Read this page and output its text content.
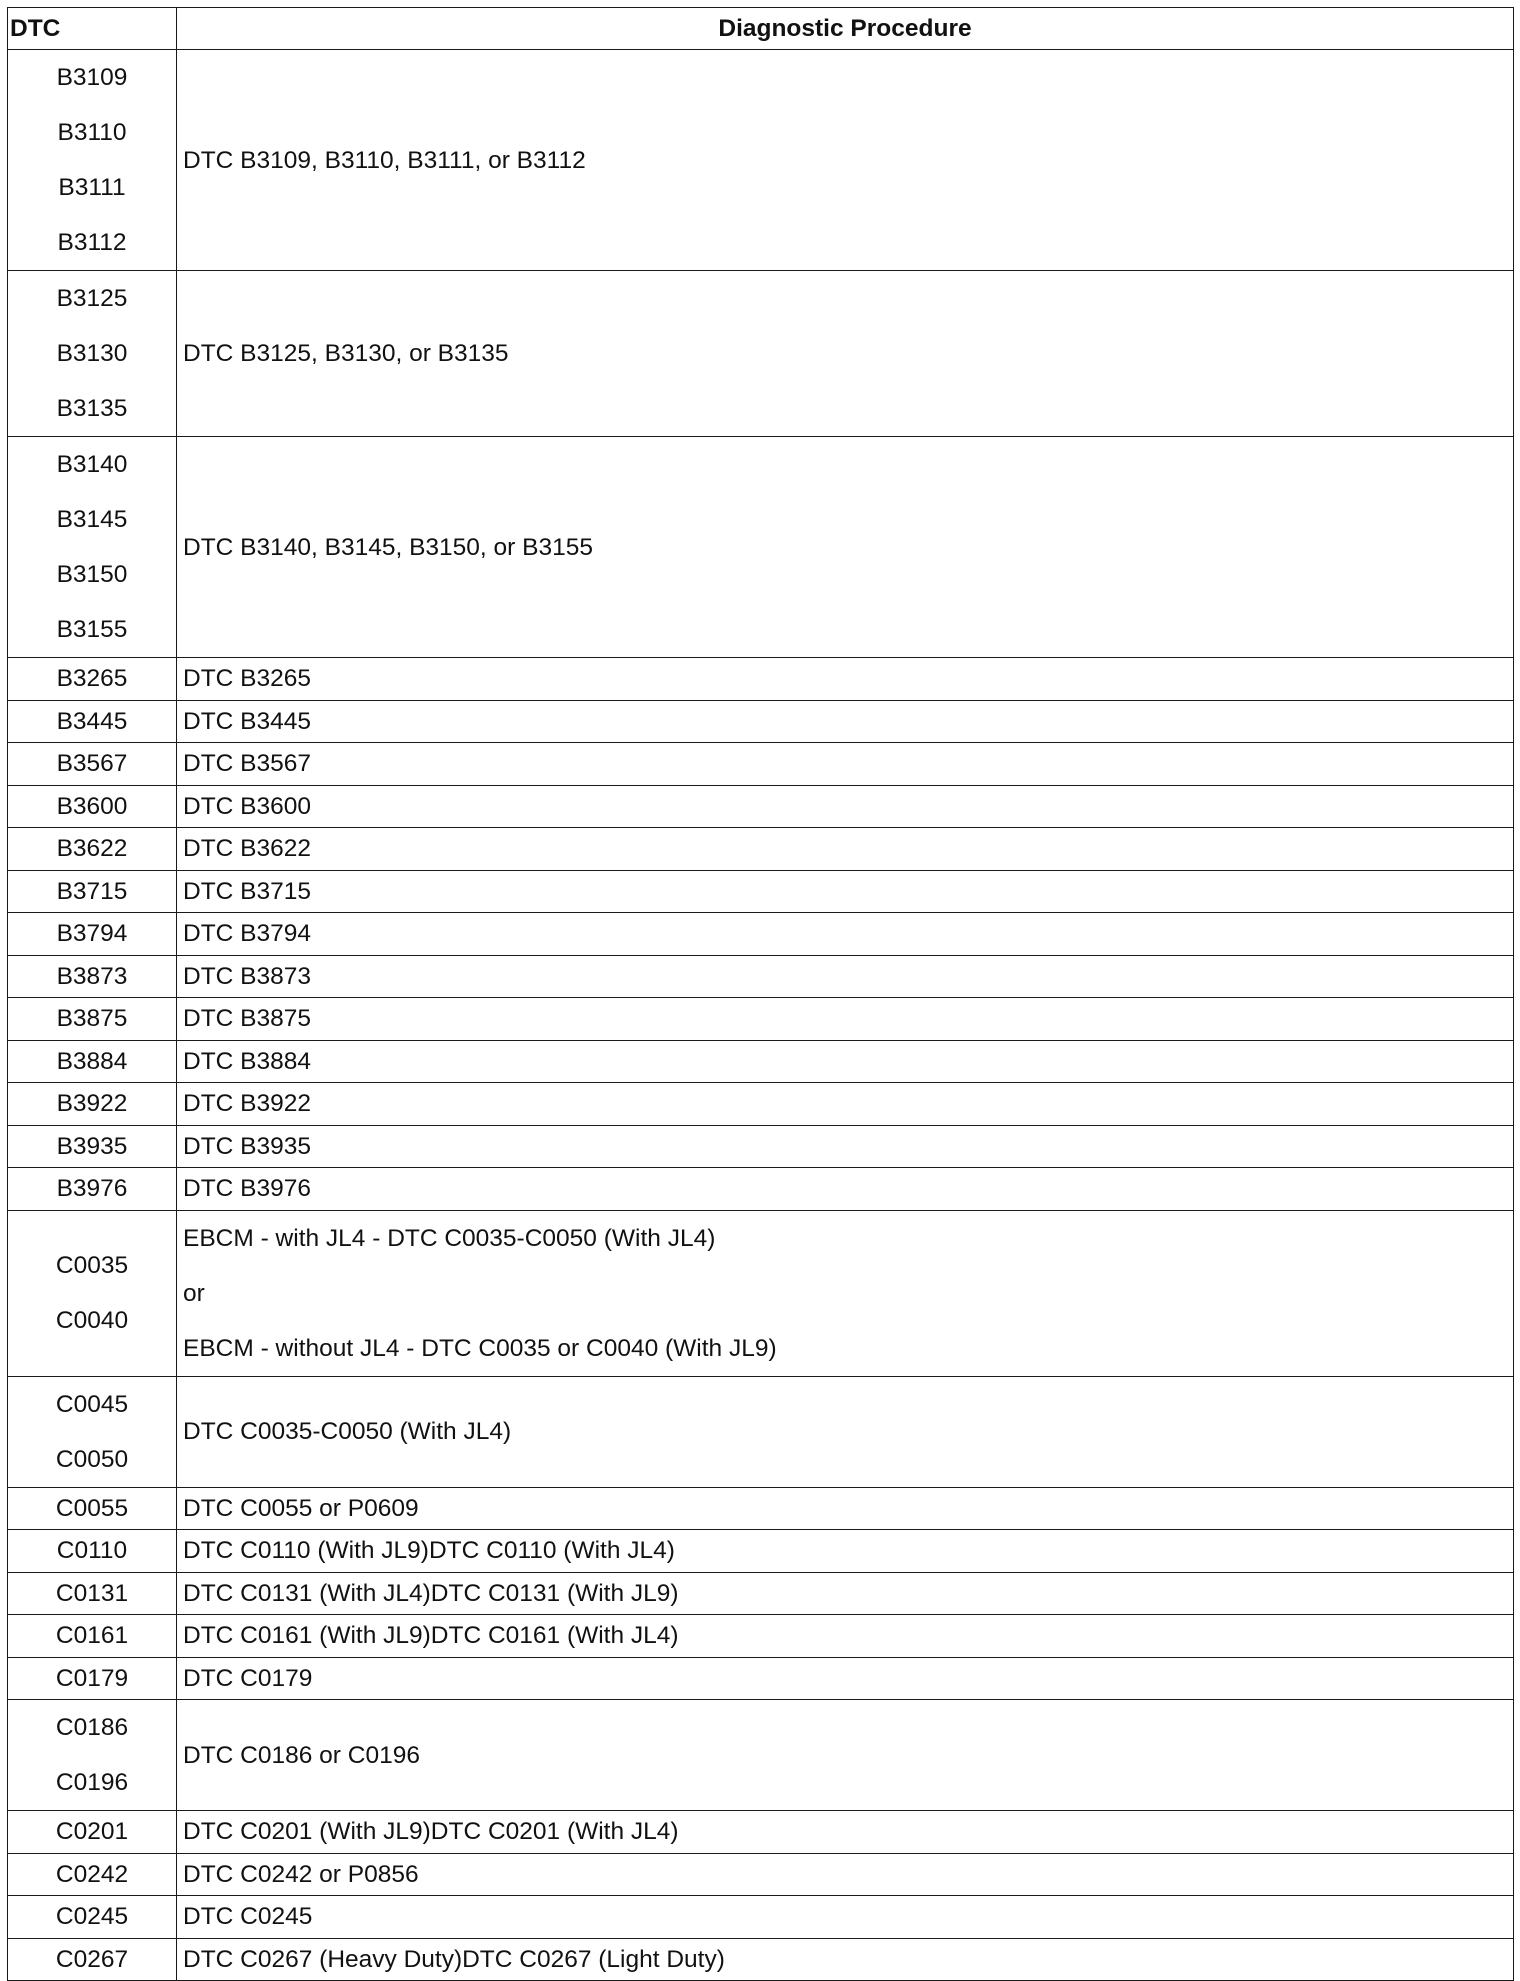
DTC	Diagnostic Procedure

B3109
B3110
B3111
B3112	DTC B3109, B3110, B3111, or B3112

B3125
B3130
B3135	DTC B3125, B3130, or B3135

B3140
B3145
B3150
B3155	DTC B3140, B3145, B3150, or B3155

B3265	DTC B3265

B3445	DTC B3445

B3567	DTC B3567

B3600	DTC B3600

B3622	DTC B3622

B3715	DTC B3715

B3794	DTC B3794

B3873	DTC B3873

B3875	DTC B3875

B3884	DTC B3884

B3922	DTC B3922

B3935	DTC B3935

B3976	DTC B3976

C0035
C0040	EBCM - with JL4 - DTC C0035-C0050 (With JL4)
or
EBCM - without JL4 - DTC C0035 or C0040 (With JL9)

C0045
C0050	DTC C0035-C0050 (With JL4)

C0055	DTC C0055 or P0609

C0110	DTC C0110 (With JL9)DTC C0110 (With JL4)

C0131	DTC C0131 (With JL4)DTC C0131 (With JL9)

C0161	DTC C0161 (With JL9)DTC C0161 (With JL4)

C0179	DTC C0179

C0186
C0196	DTC C0186 or C0196

C0201	DTC C0201 (With JL9)DTC C0201 (With JL4)

C0242	DTC C0242 or P0856

C0245	DTC C0245

C0267	DTC C0267 (Heavy Duty)DTC C0267 (Light Duty)
